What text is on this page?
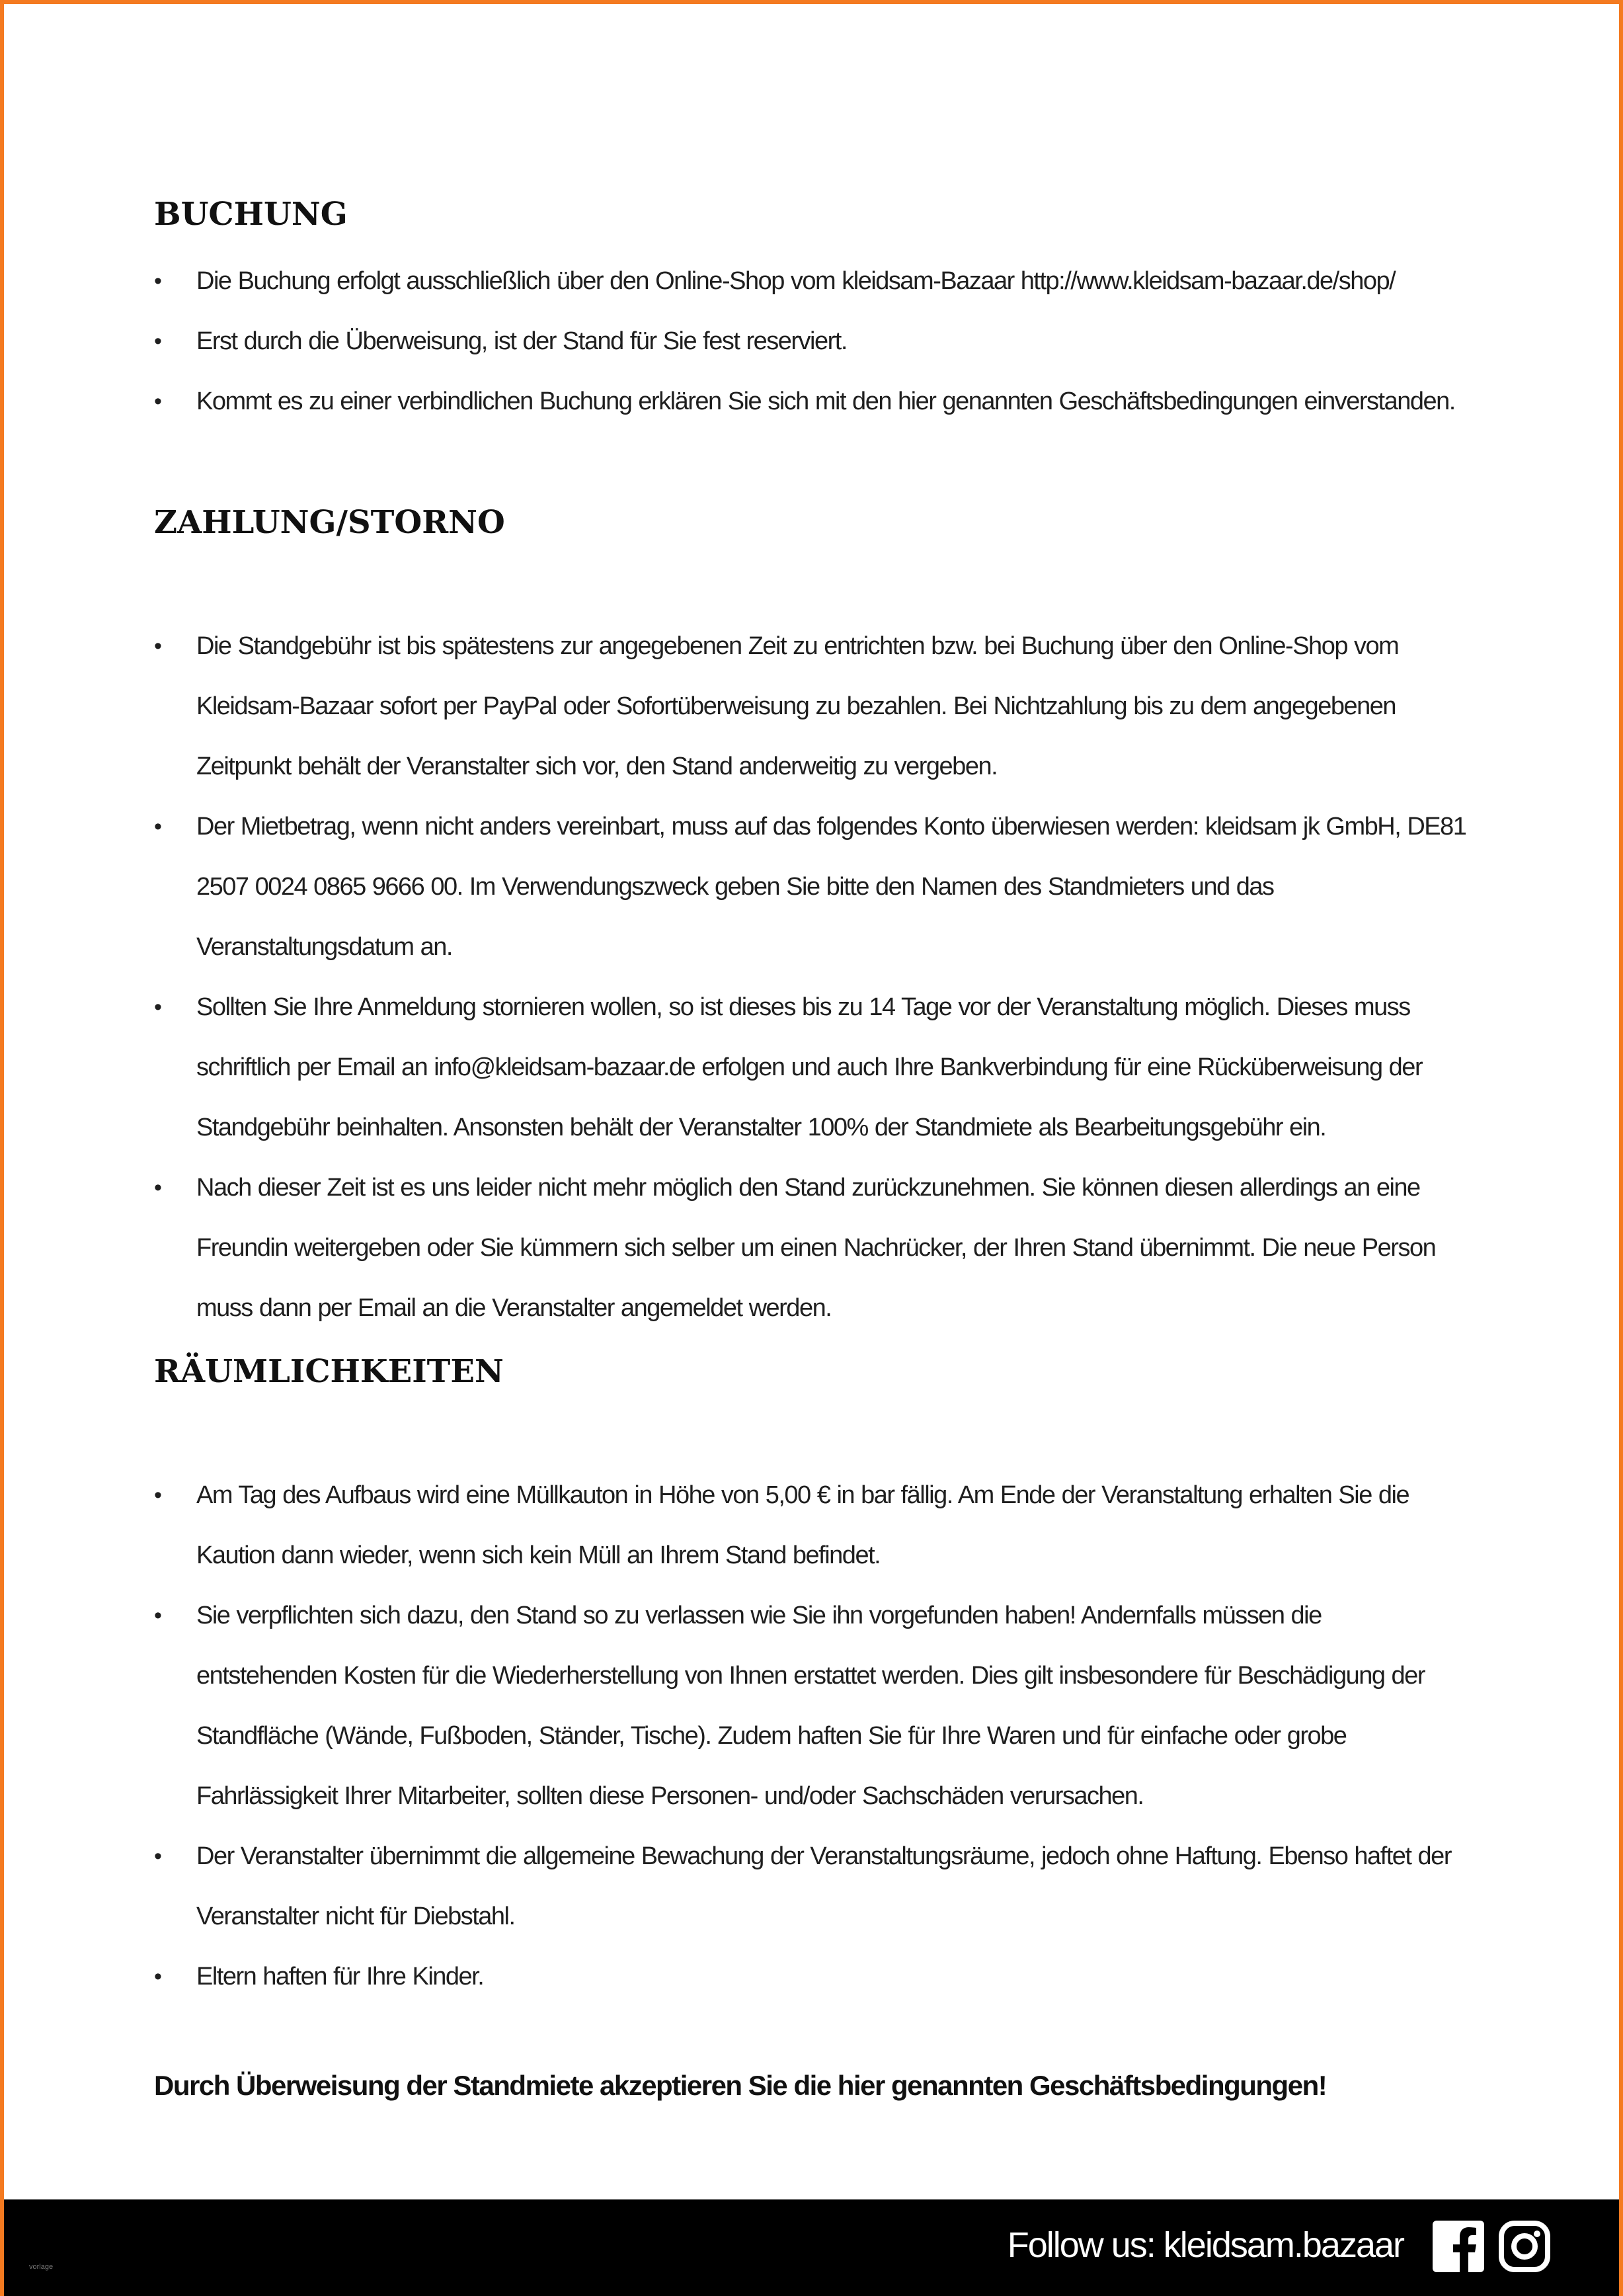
BUCHUNG
• Die Buchung erfolgt ausschließlich über den Online-Shop vom kleidsam-Bazaar http://www.kleidsam-bazaar.de/shop/
• Erst durch die Überweisung, ist der Stand für Sie fest reserviert.
• Kommt es zu einer verbindlichen Buchung erklären Sie sich mit den hier genannten Geschäftsbedingungen einverstanden.
ZAHLUNG/STORNO
• Die Standgebühr ist bis spätestens zur angegebenen Zeit zu entrichten bzw. bei Buchung über den Online-Shop vom Kleidsam-Bazaar sofort per PayPal oder Sofortüberweisung zu bezahlen. Bei Nichtzahlung bis zu dem angegebenen Zeitpunkt behält der Veranstalter sich vor, den Stand anderweitig zu vergeben.
• Der Mietbetrag, wenn nicht anders vereinbart, muss auf das folgendes Konto überwiesen werden: kleidsam jk GmbH, DE81 2507 0024 0865 9666 00. Im Verwendungszweck geben Sie bitte den Namen des Standmieters und das Veranstaltungsdatum an.
• Sollten Sie Ihre Anmeldung stornieren wollen, so ist dieses bis zu 14 Tage vor der Veranstaltung möglich. Dieses muss schriftlich per Email an info@kleidsam-bazaar.de erfolgen und auch Ihre Bankverbindung für eine Rücküberweisung der Standgebühr beinhalten. Ansonsten behält der Veranstalter 100% der Standmiete als Bearbeitungsgebühr ein.
• Nach dieser Zeit ist es uns leider nicht mehr möglich den Stand zurückzunehmen. Sie können diesen allerdings an eine Freundin weitergeben oder Sie kümmern sich selber um einen Nachrücker, der Ihren Stand übernimmt. Die neue Person muss dann per Email an die Veranstalter angemeldet werden.
RÄUMLICHKEITEN
• Am Tag des Aufbaus wird eine Müllkauton in Höhe von 5,00 € in bar fällig. Am Ende der Veranstaltung erhalten Sie die Kaution dann wieder, wenn sich kein Müll an Ihrem Stand befindet.
• Sie verpflichten sich dazu, den Stand so zu verlassen wie Sie ihn vorgefunden haben! Andernfalls müssen die entstehenden Kosten für die Wiederherstellung von Ihnen erstattet werden. Dies gilt insbesondere für Beschädigung der Standfläche (Wände, Fußboden, Ständer, Tische). Zudem haften Sie für Ihre Waren und für einfache oder grobe Fahrlässigkeit Ihrer Mitarbeiter, sollten diese Personen- und/oder Sachschäden verursachen.
• Der Veranstalter übernimmt die allgemeine Bewachung der Veranstaltungsräume, jedoch ohne Haftung. Ebenso haftet der Veranstalter nicht für Diebstahl.
• Eltern haften für Ihre Kinder.

Durch Überweisung der Standmiete akzeptieren Sie die hier genannten Geschäftsbedingungen!

vorlage
Follow us: kleidsam.bazaar
